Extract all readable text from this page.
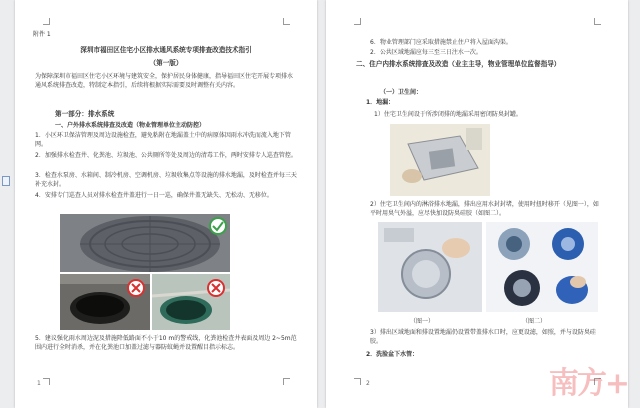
附件 1
深圳市福田区住宅小区排水通风系统专项排查改造技术指引
（第一版）
为保障深圳市福田区住宅小区环境与建筑安全，保护居民身体健康，指导福田区住宅开展专项排水通风系统排查改造，特制定本指引，后续将根据实际需要及时调整有关内容。
第一部分：排水系统
一、户外排水系统排查及改造（物业管理单位主动防控）
1．小区环卫保洁管理及周边设施检查，避免粘附在地漏盖土中的病原体因雨水冲洗而流入地下管网。
2．加强排水检查井、化粪池、垃圾池、公共厕所等处及周边的清毒工作，两时安排专人巡查管控。
3．检查水泵房、水箱间、制冷机房、空调机房、垃圾收集点等设施的排水地漏，及时检查并每三天补充水封。
4．安排专门巡查人员对排水检查井盖进行一日一巡，确保井盖无缺失、无松动、无移位。
5．建议强化雨水周边泥及措施降低路面不小于10 m的警戒线，化粪池检查井表面及周边 2~5m范围内进行全时消杀，并在化粪池口加盖过滤与器防蚊蝇并设置醒目指示标志。
1
6．物业管理部门应采取措施禁止住户将入屋面沟渠。
2．公共区域地漏应每三至三日注水一次。
二、住户内排水系统排查及改造（业主主导，物业管理单位监督指导）
（一）卫生间：
1．地漏：
1）住宅卫生间设于所涉闭排的地漏采用密闭防臭封罐。
2）住宅卫生间内的淋浴排水地漏，排出应用水封封堵，使用时扭时移开（见图一），如平时用臭气外溢，应尽快加设防臭硅胶（如图二）。
（图一）	（图二）
3）排出区域地面和排设置地漏仍设置带盖排水口时，应更设滤，如照，并与设防臭硅胶。
2．洗脸盆下水管：
2	南方+
